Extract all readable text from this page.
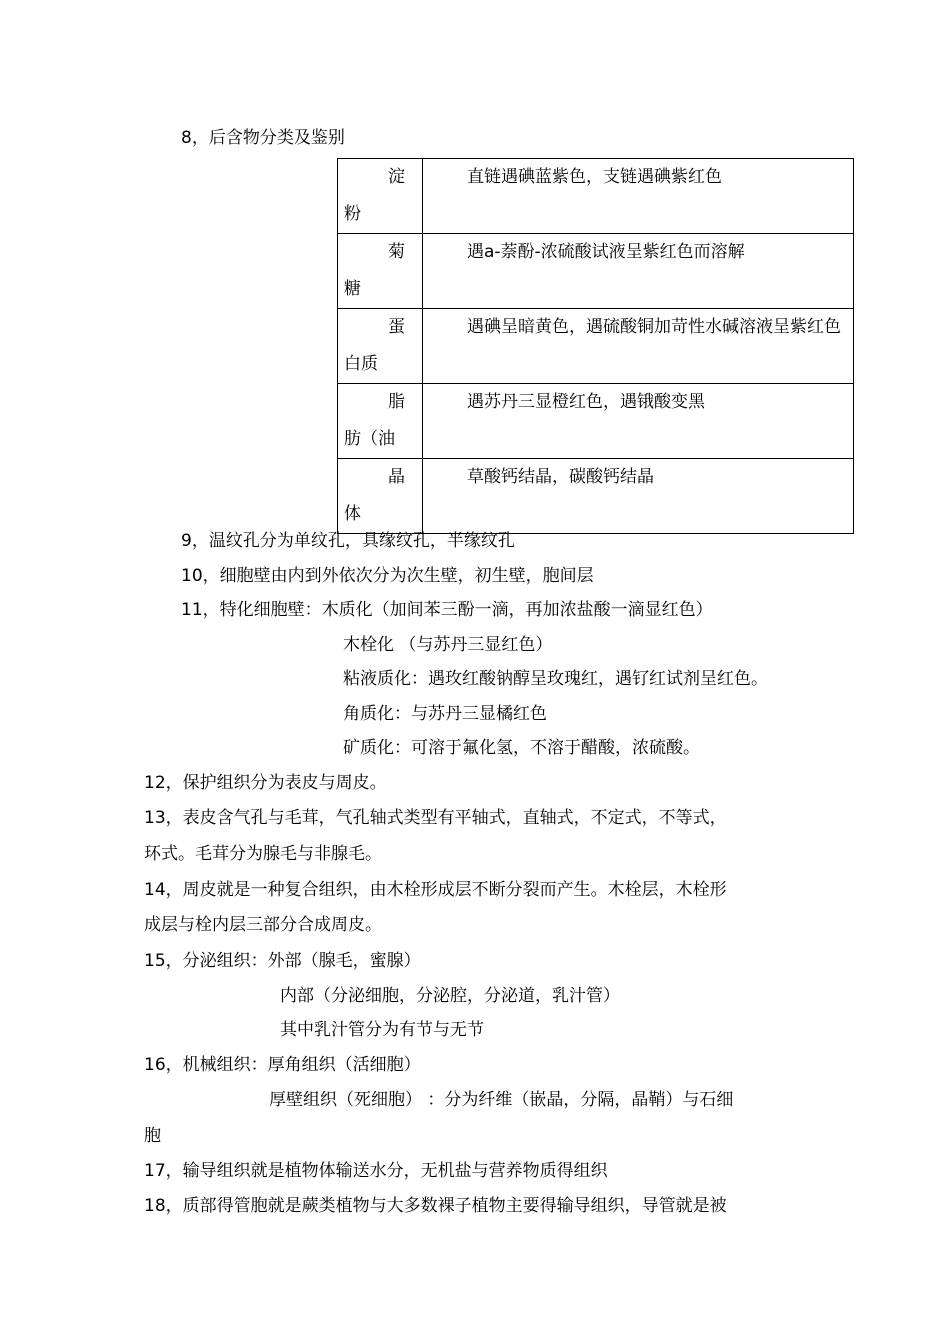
8，后含物分类及鉴别
淀粉	直链遇碘蓝紫色，支链遇碘紫红色

菊糖	遇a-萘酚-浓硫酸试液呈紫红色而溶解

蛋白质	遇碘呈暗黄色，遇硫酸铜加苛性水碱溶液呈紫红色

脂肪（油	遇苏丹三显橙红色，遇锇酸变黑

晶体	草酸钙结晶，碳酸钙结晶
9，温纹孔分为单纹孔，具缘纹孔，半缘纹孔
10，细胞壁由内到外依次分为次生壁，初生壁，胞间层
11，特化细胞壁：木质化（加间苯三酚一滴，再加浓盐酸一滴显红色）
木栓化 （与苏丹三显红色）
粘液质化：遇玫红酸钠醇呈玫瑰红，遇钌红试剂呈红色。
角质化：与苏丹三显橘红色
矿质化：可溶于氟化氢，不溶于醋酸，浓硫酸。
12，保护组织分为表皮与周皮。
13，表皮含气孔与毛茸，气孔轴式类型有平轴式，直轴式，不定式，不等式，
环式。毛茸分为腺毛与非腺毛。
14，周皮就是一种复合组织，由木栓形成层不断分裂而产生。木栓层，木栓形
成层与栓内层三部分合成周皮。
15，分泌组织：外部（腺毛，蜜腺）
内部（分泌细胞，分泌腔，分泌道，乳汁管）
其中乳汁管分为有节与无节
16，机械组织：厚角组织（活细胞）
厚壁组织（死细胞） ：分为纤维（嵌晶，分隔，晶鞘）与石细
胞
17，输导组织就是植物体输送水分，无机盐与营养物质得组织
18，质部得管胞就是蕨类植物与大多数裸子植物主要得输导组织，导管就是被
